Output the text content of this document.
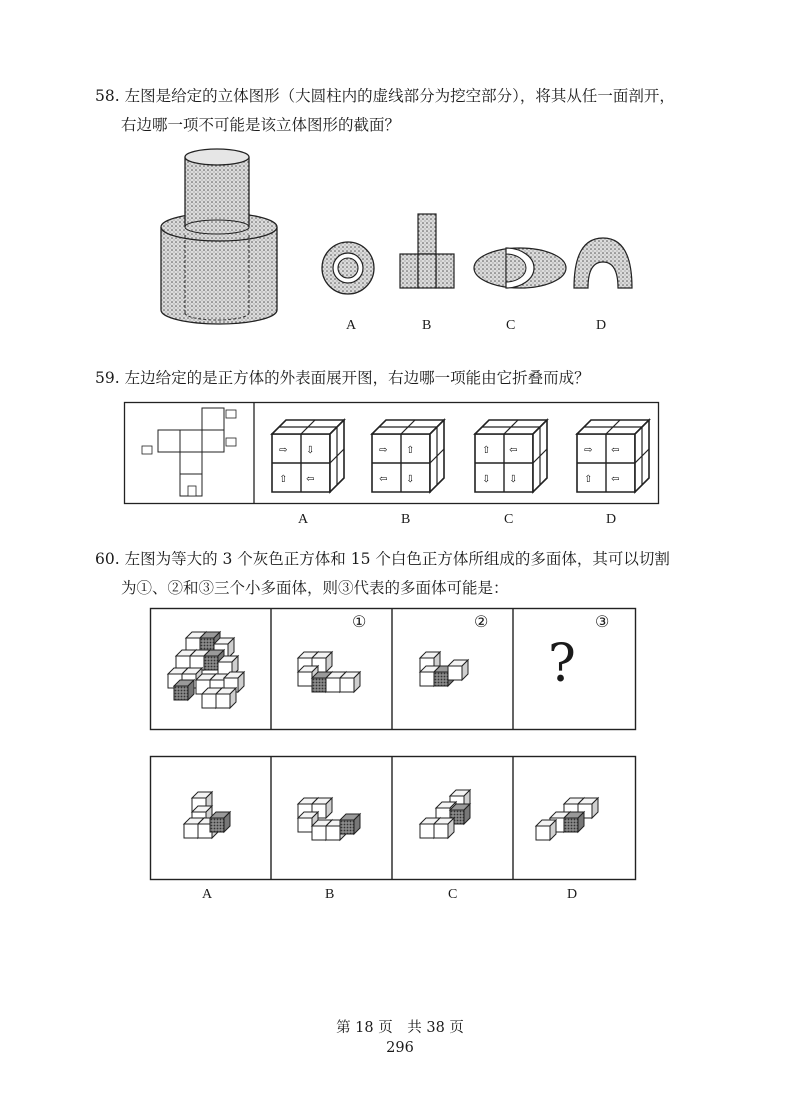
58. 左图是给定的立体图形（大圆柱内的虚线部分为挖空部分），将其从任一面剖开，
右边哪一项不可能是该立体图形的截面？
A	B	C	D
59. 左边给定的是正方体的外表面展开图，右边哪一项能由它折叠而成？
⇨ ⇩
⇧ ⇦
⇨ ⇧
⇦ ⇩
⇧ ⇦
⇩ ⇩
⇨ ⇦
⇧ ⇦
A	B	C	D
60. 左图为等大的 3 个灰色正方体和 15 个白色正方体所组成的多面体，其可以切割
为①、②和③三个小多面体，则③代表的多面体可能是：
①	②	③
?
A	B	C	D
第 18 页　共 38 页
296
